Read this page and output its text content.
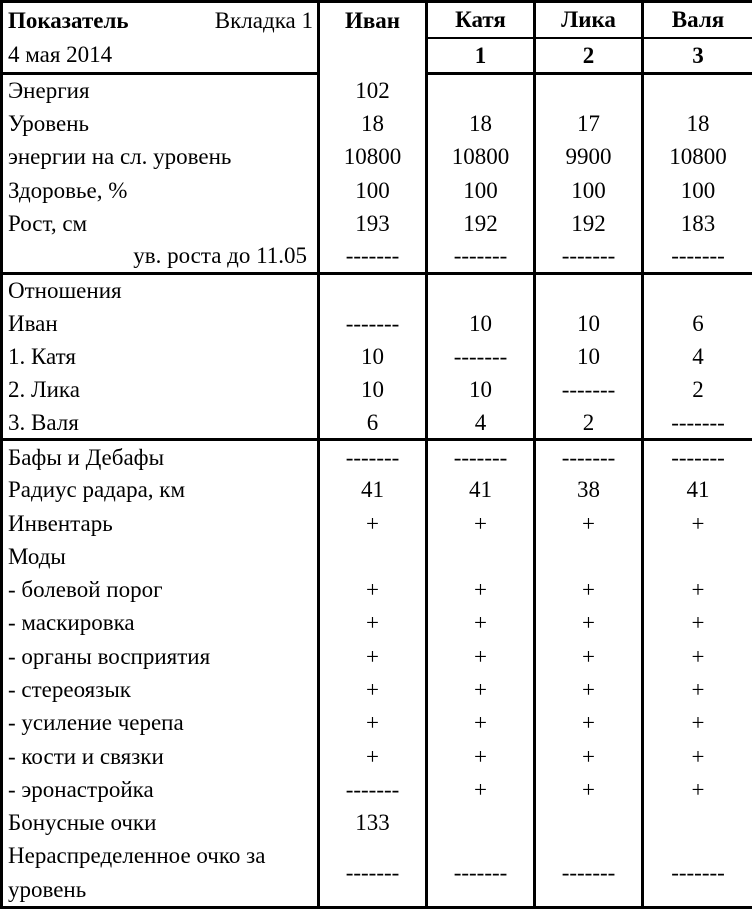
Показатель Вкладка 1	Иван	Катя	Лика	Валя
4 мая 2014		1	2	3
Энергия	102			
Уровень	18	18	17	18
энергии на сл. уровень	10800	10800	9900	10800
Здоровье, %	100	100	100	100
Рост, см	193	192	192	183
ув. роста до 11.05	-------	-------	-------	-------
Отношения				
Иван	-------	10	10	6
1. Катя	10	-------	10	4
2. Лика	10	10	-------	2
3. Валя	6	4	2	-------
Бафы и Дебафы	-------	-------	-------	-------
Радиус радара, км	41	41	38	41
Инвентарь	+	+	+	+
Моды				
- болевой порог	+	+	+	+
- маскировка	+	+	+	+
- органы восприятия	+	+	+	+
- стереоязык	+	+	+	+
- усиление черепа	+	+	+	+
- кости и связки	+	+	+	+
- эронастройка	-------	+	+	+
Бонусные очки	133			
Нераспределенное очко за уровень	-------	-------	-------	-------
